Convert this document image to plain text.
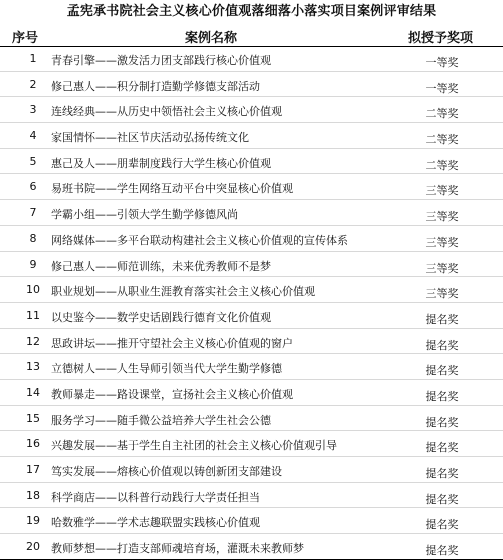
孟宪承书院社会主义核心价值观落细落小落实项目案例评审结果
序号	案例名称	拟授予奖项
1	青春引擎——激发活力团支部践行核心价值观	一等奖
2	修己惠人——积分制打造勤学修德支部活动	一等奖
3	连线经典——从历史中领悟社会主义核心价值观	二等奖
4	家国情怀——社区节庆活动弘扬传统文化	二等奖
5	惠己及人——朋辈制度践行大学生核心价值观	二等奖
6	易班书院——学生网络互动平台中突显核心价值观	三等奖
7	学霸小组——引领大学生勤学修德风尚	三等奖
8	网络媒体——多平台联动构建社会主义核心价值观的宣传体系	三等奖
9	修己惠人——师范训练，未来优秀教师不是梦	三等奖
10	职业规划——从职业生涯教育落实社会主义核心价值观	三等奖
11	以史鉴今——数学史话剧践行德育文化价值观	提名奖
12	思政讲坛——推开守望社会主义核心价值观的窗户	提名奖
13	立德树人——人生导师引领当代大学生勤学修德	提名奖
14	教师暴走——路设课堂，宣扬社会主义核心价值观	提名奖
15	服务学习——随手微公益培养大学生社会公德	提名奖
16	兴趣发展——基于学生自主社团的社会主义核心价值观引导	提名奖
17	笃实发展——熔核心价值观以铸创新团支部建设	提名奖
18	科学商店——以科普行动践行大学责任担当	提名奖
19	哈数雅学——学术志趣联盟实践核心价值观	提名奖
20	教师梦想——打造支部师魂培育场，灌溉未来教师梦	提名奖
